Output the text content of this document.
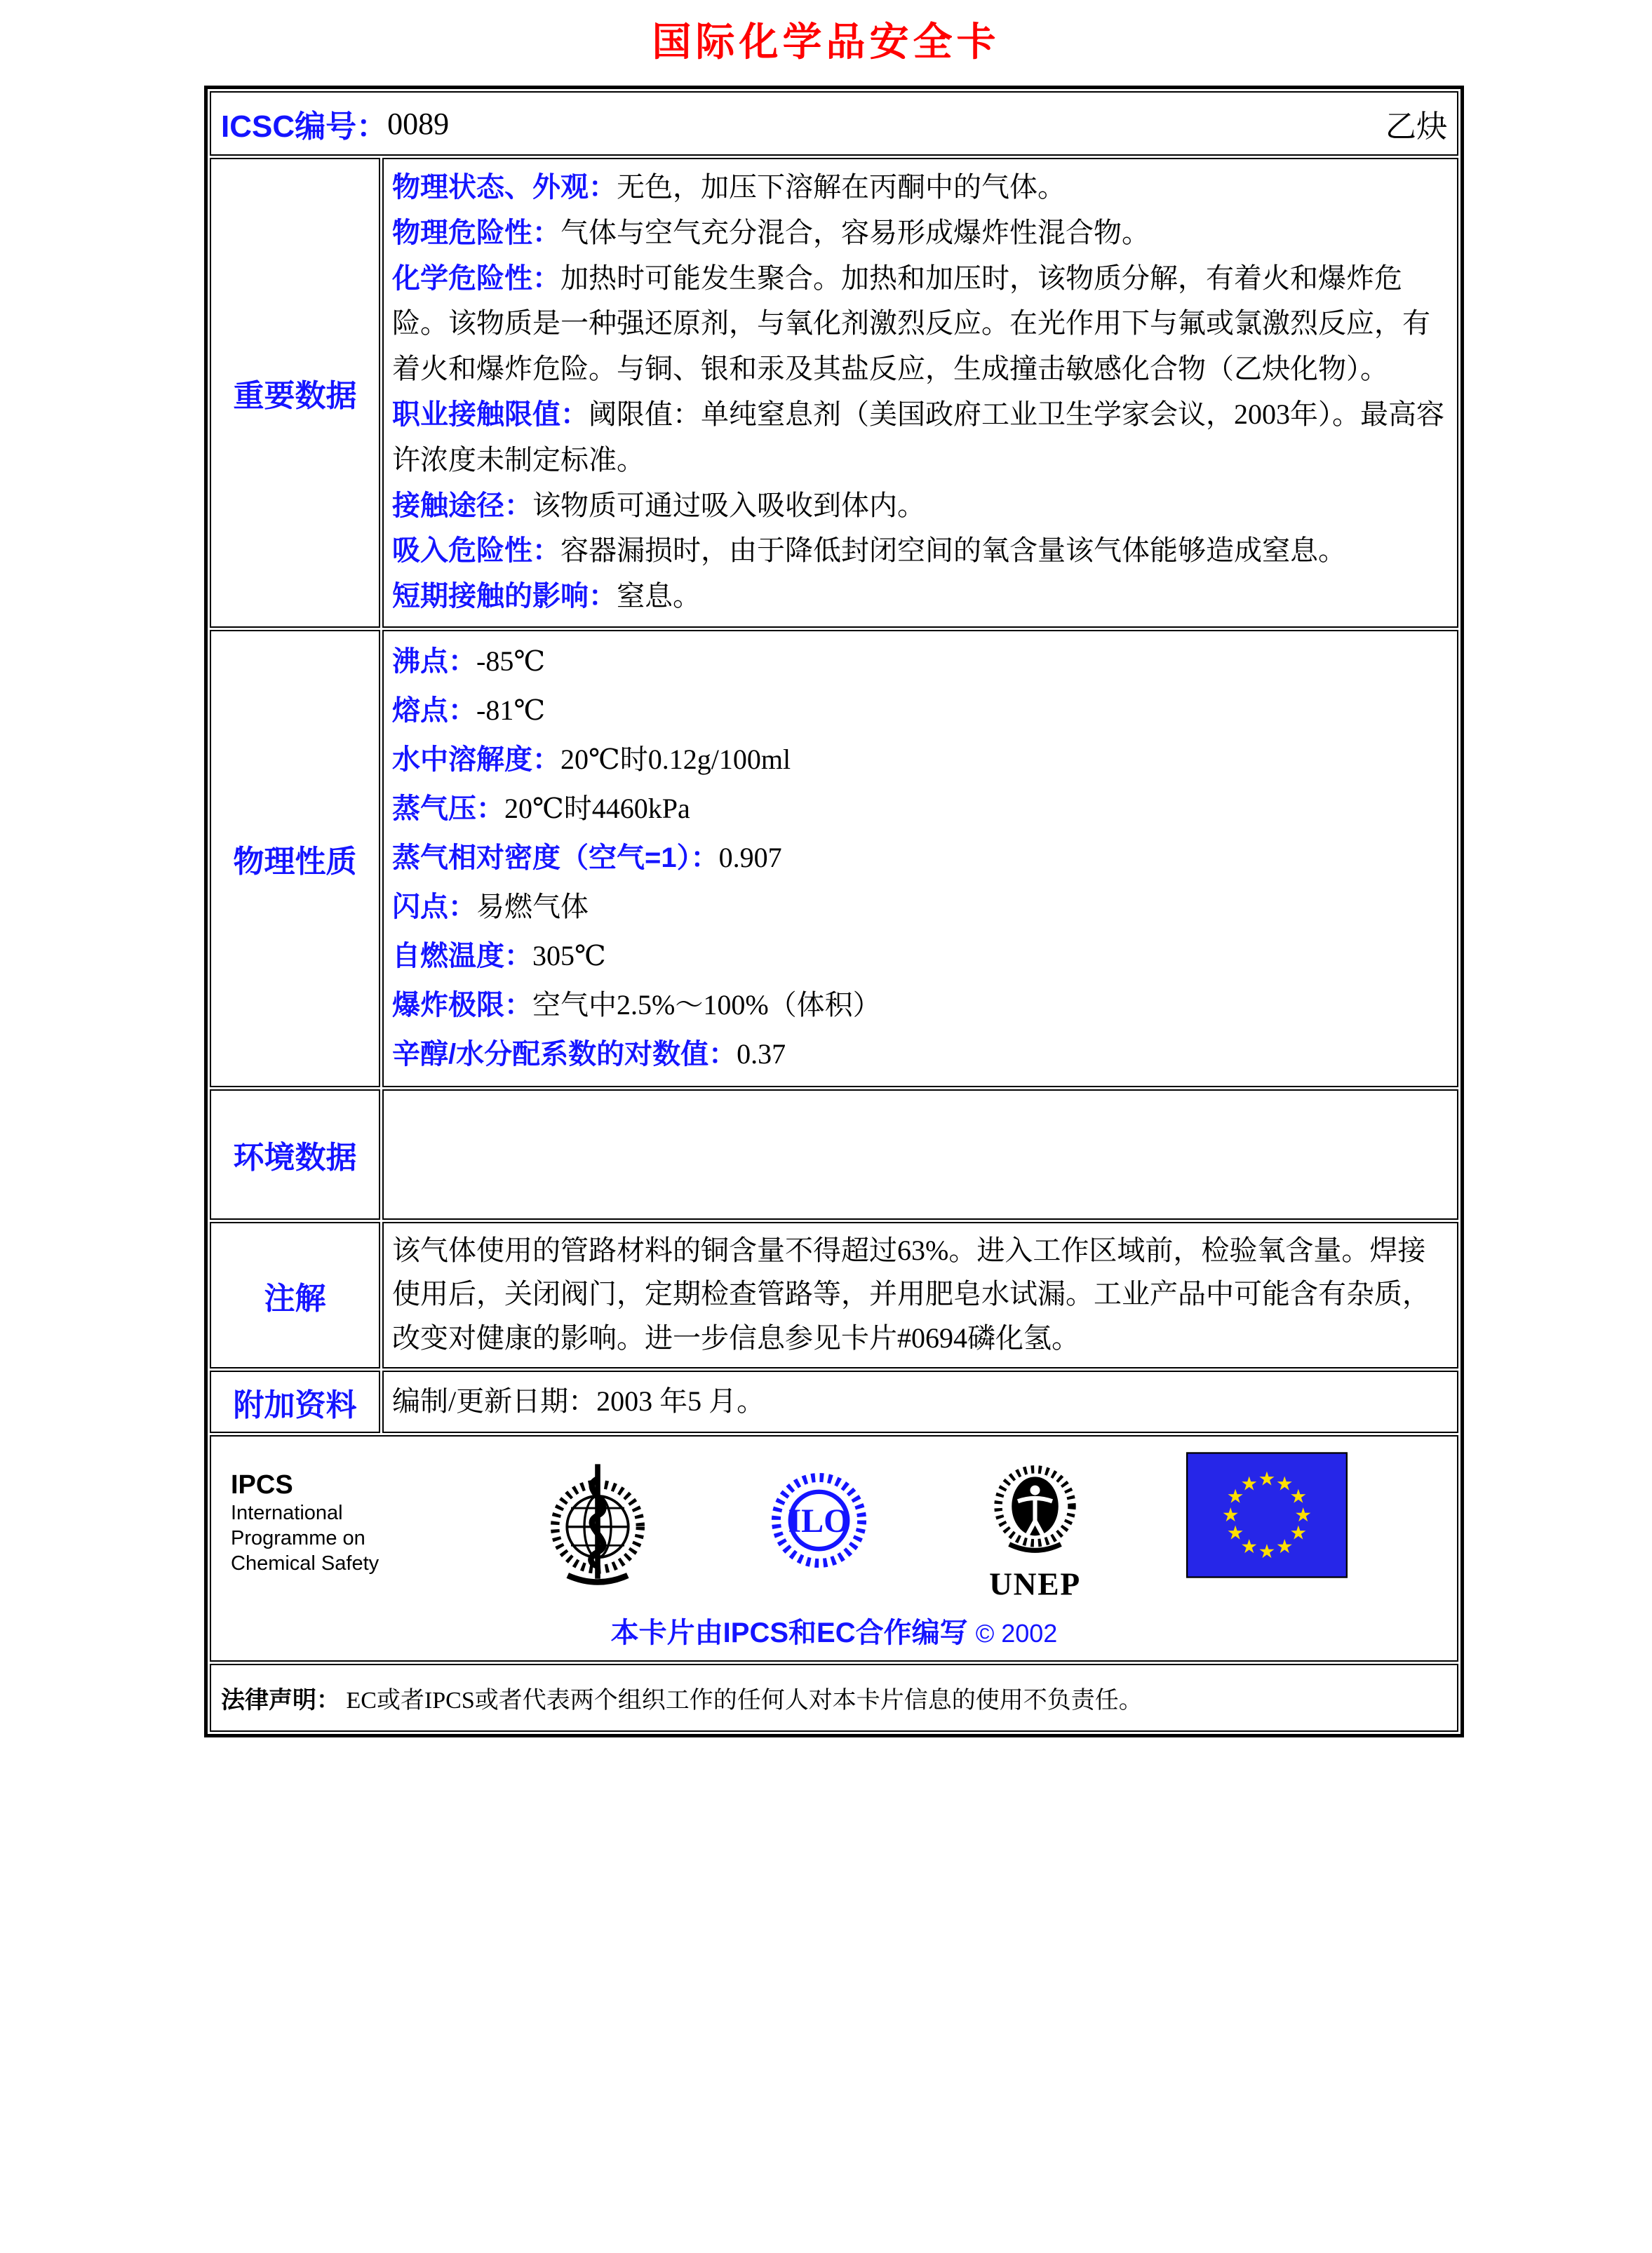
国际化学品安全卡
ICSC编号： 0089	乙炔
重要数据

物理状态、外观：无色，加压下溶解在丙酮中的气体。

物理危险性：气体与空气充分混合，容易形成爆炸性混合物。

化学危险性：加热时可能发生聚合。加热和加压时，该物质分解，有着火和爆炸危险。该物质是一种强还原剂，与氧化剂激烈反应。在光作用下与氟或氯激烈反应，有着火和爆炸危险。与铜、银和汞及其盐反应，生成撞击敏感化合物（乙炔化物）。

职业接触限值：阈限值：单纯窒息剂（美国政府工业卫生学家会议，2003年）。最高容许浓度未制定标准。

接触途径：该物质可通过吸入吸收到体内。

吸入危险性：容器漏损时，由于降低封闭空间的氧含量该气体能够造成窒息。

短期接触的影响：窒息。

物理性质

沸点：-85℃

熔点：-81℃

水中溶解度：20℃时0.12g/100ml

蒸气压：20℃时4460kPa

蒸气相对密度（空气=1）：0.907

闪点：易燃气体

自燃温度：305℃

爆炸极限：空气中2.5%～100%（体积）

辛醇/水分配系数的对数值：0.37

环境数据
注解
该气体使用的管路材料的铜含量不得超过63%。进入工作区域前，检验氧含量。焊接使用后，关闭阀门，定期检查管路等，并用肥皂水试漏。工业产品中可能含有杂质，改变对健康的影响。进一步信息参见卡片#0694磷化氢。
附加资料	编制/更新日期：2003 年5 月。
IPCS
International
Programme on
Chemical Safety
ILO
UNEP
★ ★
★
★
★
★
★
★
★
★
★
★
本卡片由IPCS和EC合作编写 © 2002
法律声明： EC或者IPCS或者代表两个组织工作的任何人对本卡片信息的使用不负责任。
